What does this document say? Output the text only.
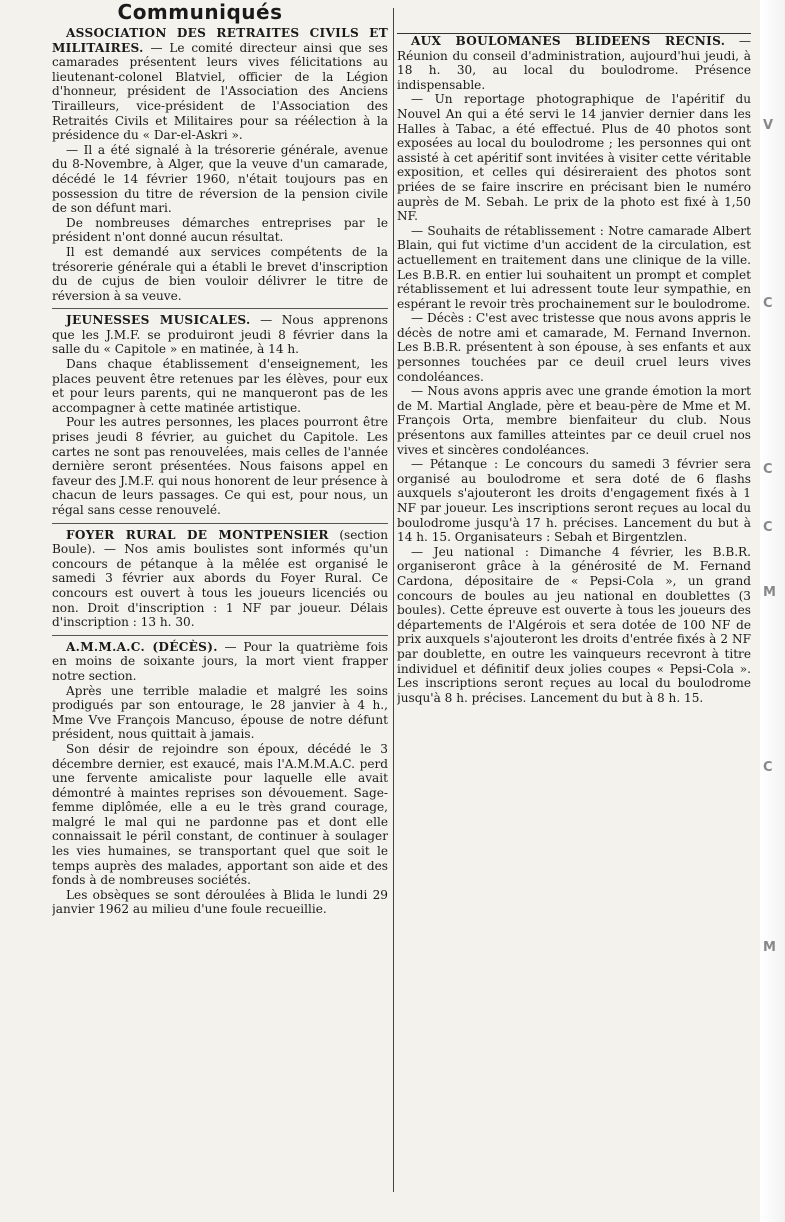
Communiqués

ASSOCIATION DES RETRAITES CIVILS ET MILITAIRES. — Le comité directeur ainsi que ses camarades présentent leurs vives félicitations au lieutenant-colonel Blatviel, officier de la Légion d'honneur, président de l'Association des Anciens Tirailleurs, vice-président de l'Association des Retraités Civils et Militaires pour sa réélection à la présidence du « Dar-el-Askri ».

— Il a été signalé à la trésorerie générale, avenue du 8-Novembre, à Alger, que la veuve d'un camarade, décédé le 14 février 1960, n'était toujours pas en possession du titre de réversion de la pension civile de son défunt mari.

De nombreuses démarches entreprises par le président n'ont donné aucun résultat.

Il est demandé aux services compétents de la trésorerie générale qui a établi le brevet d'inscription du de cujus de bien vouloir délivrer le titre de réversion à sa veuve.

JEUNESSES MUSICALES. — Nous apprenons que les J.M.F. se produiront jeudi 8 février dans la salle du « Capitole » en matinée, à 14 h.

Dans chaque établissement d'enseignement, les places peuvent être retenues par les élèves, pour eux et pour leurs parents, qui ne manqueront pas de les accompagner à cette matinée artistique.

Pour les autres personnes, les places pourront être prises jeudi 8 février, au guichet du Capitole. Les cartes ne sont pas renouvelées, mais celles de l'année dernière seront présentées. Nous faisons appel en faveur des J.M.F. qui nous honorent de leur présence à chacun de leurs passages. Ce qui est, pour nous, un régal sans cesse renouvelé.

FOYER RURAL DE MONTPENSIER (section Boule). — Nos amis boulistes sont informés qu'un concours de pétanque à la mêlée est organisé le samedi 3 février aux abords du Foyer Rural. Ce concours est ouvert à tous les joueurs licenciés ou non. Droit d'inscription : 1 NF par joueur. Délais d'inscription : 13 h. 30.

A.M.M.A.C. (DÉCÈS). — Pour la quatrième fois en moins de soixante jours, la mort vient frapper notre section.

Après une terrible maladie et malgré les soins prodigués par son entourage, le 28 janvier à 4 h., Mme Vve François Mancuso, épouse de notre défunt président, nous quittait à jamais.

Son désir de rejoindre son époux, décédé le 3 décembre dernier, est exaucé, mais l'A.M.M.A.C. perd une fervente amicaliste pour laquelle elle avait démontré à maintes reprises son dévouement. Sage-femme diplômée, elle a eu le très grand courage, malgré le mal qui ne pardonne pas et dont elle connaissait le péril constant, de continuer à soulager les vies humaines, se transportant quel que soit le temps auprès des malades, apportant son aide et des fonds à de nombreuses sociétés.

Les obsèques se sont déroulées à Blida le lundi 29 janvier 1962 au milieu d'une foule recueillie.

AUX BOULOMANES BLIDEENS RECNIS. — Réunion du conseil d'administration, aujourd'hui jeudi, à 18 h. 30, au local du boulodrome. Présence indispensable.

— Un reportage photographique de l'apéritif du Nouvel An qui a été servi le 14 janvier dernier dans les Halles à Tabac, a été effectué. Plus de 40 photos sont exposées au local du boulodrome ; les personnes qui ont assisté à cet apéritif sont invitées à visiter cette véritable exposition, et celles qui désireraient des photos sont priées de se faire inscrire en précisant bien le numéro auprès de M. Sebah. Le prix de la photo est fixé à 1,50 NF.

— Souhaits de rétablissement : Notre camarade Albert Blain, qui fut victime d'un accident de la circulation, est actuellement en traitement dans une clinique de la ville. Les B.B.R. en entier lui souhaitent un prompt et complet rétablissement et lui adressent toute leur sympathie, en espérant le revoir très prochainement sur le boulodrome.

— Décès : C'est avec tristesse que nous avons appris le décès de notre ami et camarade, M. Fernand Invernon. Les B.B.R. présentent à son épouse, à ses enfants et aux personnes touchées par ce deuil cruel leurs vives condoléances.

— Nous avons appris avec une grande émotion la mort de M. Martial Anglade, père et beau-père de Mme et M. François Orta, membre bienfaiteur du club. Nous présentons aux familles atteintes par ce deuil cruel nos vives et sincères condoléances.

— Pétanque : Le concours du samedi 3 février sera organisé au boulodrome et sera doté de 6 flashs auxquels s'ajouteront les droits d'engagement fixés à 1 NF par joueur. Les inscriptions seront reçues au local du boulodrome jusqu'à 17 h. précises. Lancement du but à 14 h. 15. Organisateurs : Sebah et Birgentzlen.

— Jeu national : Dimanche 4 février, les B.B.R. organiseront grâce à la générosité de M. Fernand Cardona, dépositaire de « Pepsi-Cola », un grand concours de boules au jeu national en doublettes (3 boules). Cette épreuve est ouverte à tous les joueurs des départements de l'Algérois et sera dotée de 100 NF de prix auxquels s'ajouteront les droits d'entrée fixés à 2 NF par doublette, en outre les vainqueurs recevront à titre individuel et définitif deux jolies coupes « Pepsi-Cola ». Les inscriptions seront reçues au local du boulodrome jusqu'à 8 h. précises. Lancement du but à 8 h. 15.

V
C
C
C
M
C
M
